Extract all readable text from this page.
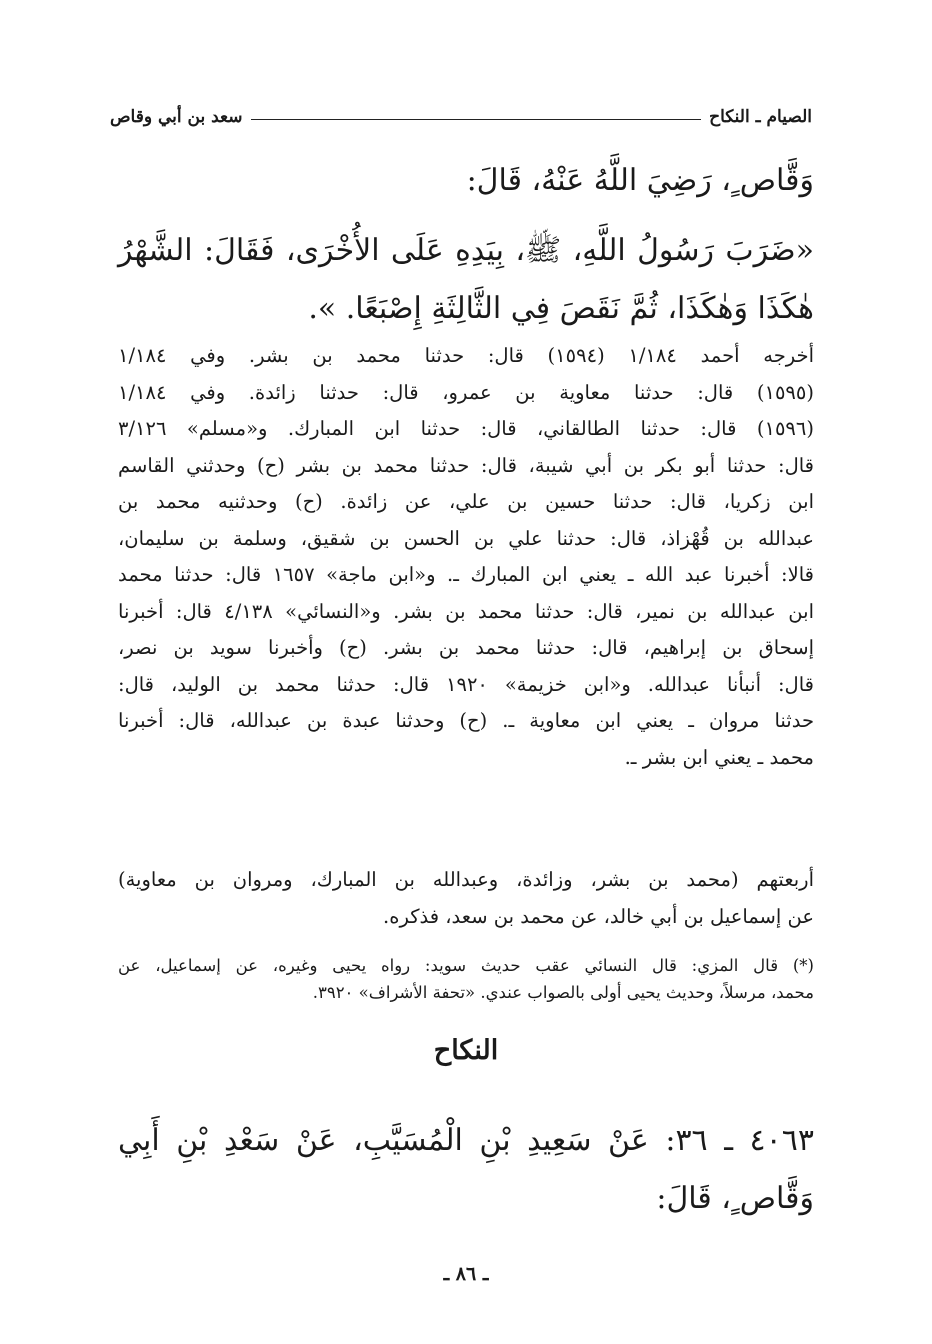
الصيام ـ النكاح
سعد بن أبي وقاص
وَقَّاص ٍ، رَضِيَ اللَّهُ عَنْهُ، قَالَ:
«ضَرَبَ رَسُولُ اللَّهِ، ﷺ، بِيَدِهِ عَلَى الأُخْرَى، فَقَالَ: الشَّهْرُ
هٰكَذَا وَهٰكَذَا، ثُمَّ نَقَصَ فِي الثَّالِثَةِ إِصْبَعًا. ».
أخرجه أحمد ١/١٨٤ (١٥٩٤) قال: حدثنا محمد بن بشر. وفي ١/١٨٤
(١٥٩٥) قال: حدثنا معاوية بن عمرو، قال: حدثنا زائدة. وفي ١/١٨٤
(١٥٩٦) قال: حدثنا الطالقاني، قال: حدثنا ابن المبارك. و«مسلم» ٣/١٢٦
قال: حدثنا أبو بكر بن أبي شيبة، قال: حدثنا محمد بن بشر (ح) وحدثني القاسم
ابن زكريا، قال: حدثنا حسين بن علي، عن زائدة. (ح) وحدثنيه محمد بن
عبدالله بن قُهْزاذ، قال: حدثنا علي بن الحسن بن شقيق، وسلمة بن سليمان،
قالا: أخبرنا عبد الله ـ يعني ابن المبارك ـ. و«ابن ماجة» ١٦٥٧ قال: حدثنا محمد
ابن عبدالله بن نمير، قال: حدثنا محمد بن بشر. و«النسائي» ٤/١٣٨ قال: أخبرنا
إسحاق بن إبراهيم، قال: حدثنا محمد بن بشر. (ح) وأخبرنا سويد بن نصر،
قال: أنبأنا عبدالله. و«ابن خزيمة» ١٩٢٠ قال: حدثنا محمد بن الوليد، قال:
حدثنا مروان ـ يعني ابن معاوية ـ. (ح) وحدثنا عبدة بن عبدالله، قال: أخبرنا
محمد ـ يعني ابن بشر ـ.
أربعتهم (محمد بن بشر، وزائدة، وعبدالله بن المبارك، ومروان بن معاوية)
عن إسماعيل بن أبي خالد، عن محمد بن سعد، فذكره.
(*) قال المزي: قال النسائي عقب حديث سويد: رواه يحيى وغيره، عن إسماعيل، عن
محمد، مرسلاً، وحديث يحيى أولى بالصواب عندي. «تحفة الأشراف» ٣٩٢٠.
النكاح
٤٠٦٣ ـ ٣٦: عَنْ سَعِيدِ بْنِ الْمُسَيَّبِ، عَنْ سَعْدِ بْنِ أَبِي
وَقَّاص ٍ، قَالَ:
ـ ٨٦ ـ
